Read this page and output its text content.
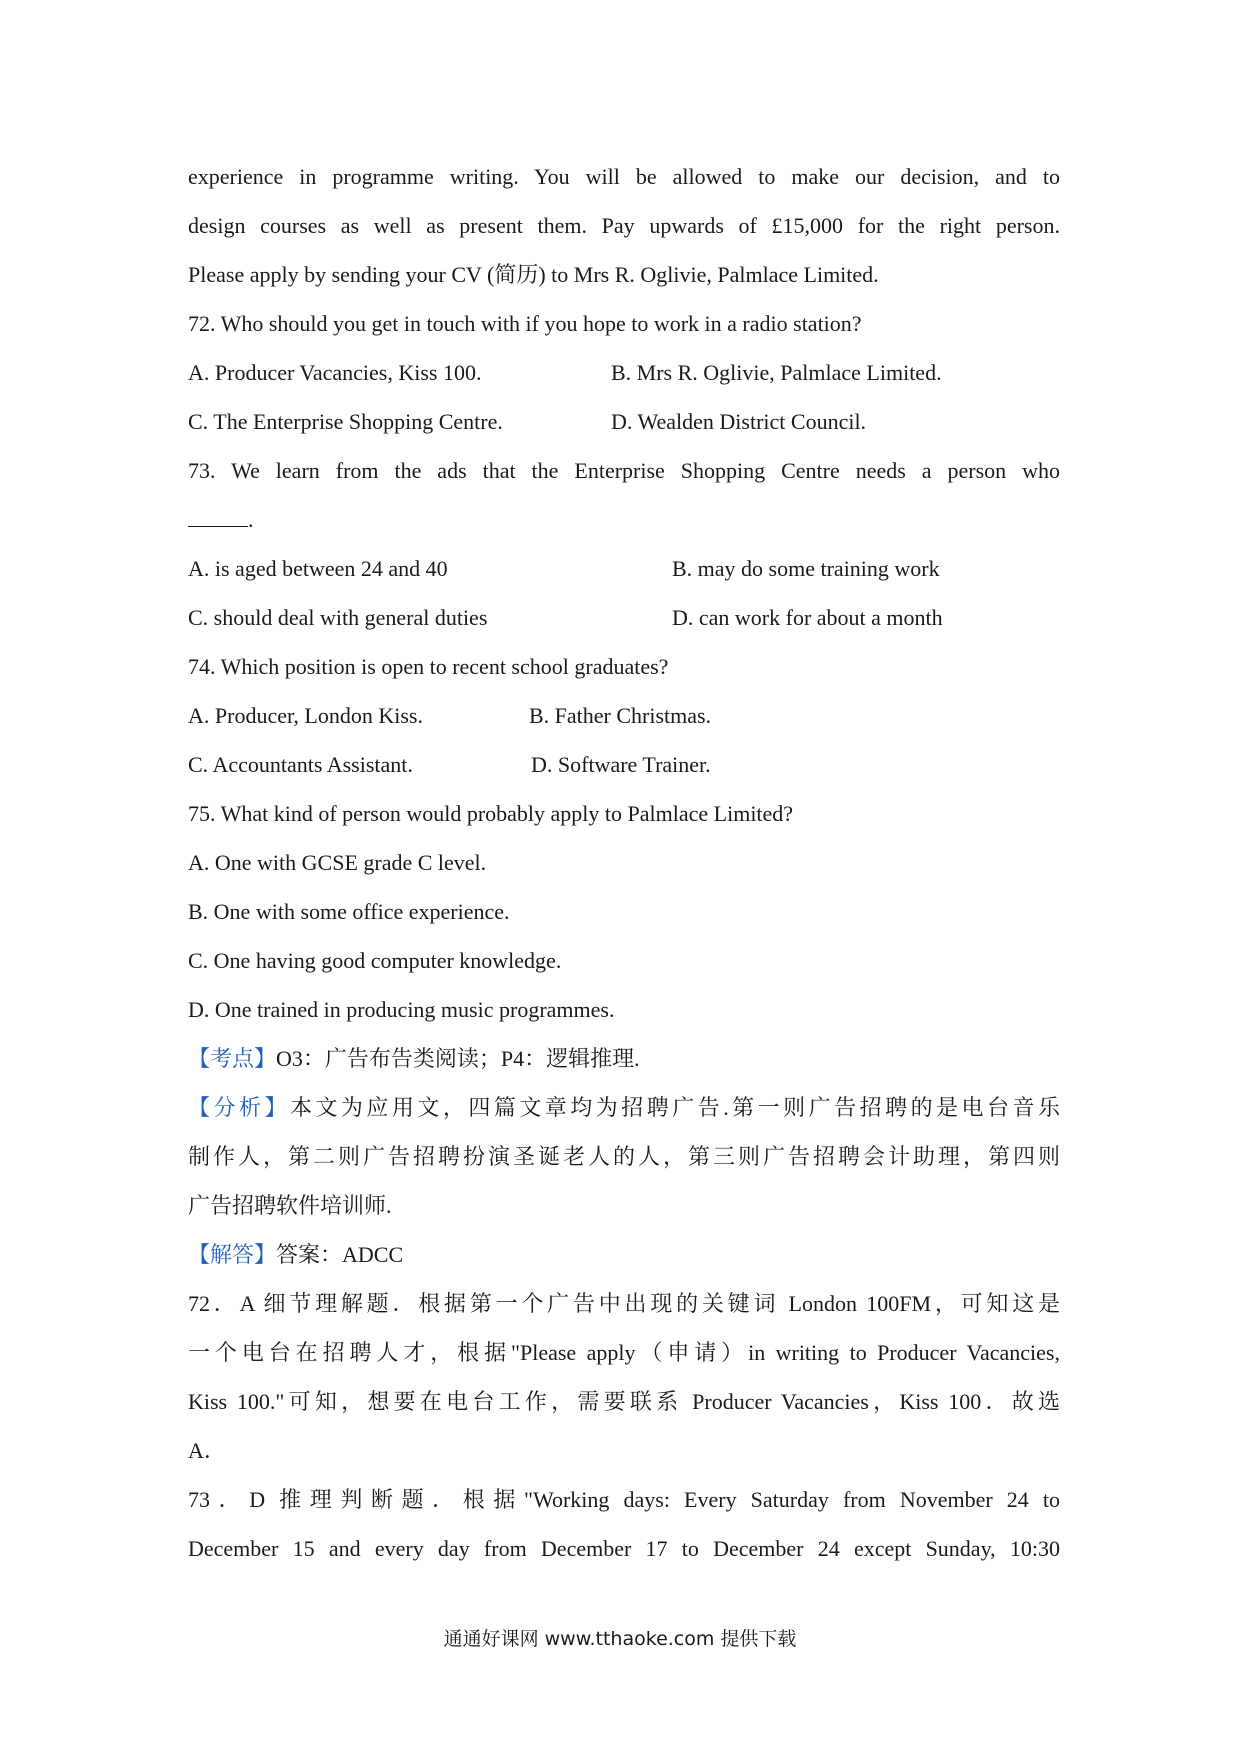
experience in programme writing. You will be allowed to make our decision, and to
design courses as well as present them. Pay upwards of £15,000 for the right person.
Please apply by sending your CV (简历) to Mrs R. Oglivie, Palmlace Limited.
72. Who should you get in touch with if you hope to work in a radio station?
A. Producer Vacancies, Kiss 100.	B. Mrs R. Oglivie, Palmlace Limited.
C. The Enterprise Shopping Centre.	D. Wealden District Council.
73. We learn from the ads that the Enterprise Shopping Centre needs a person who
.
A. is aged between 24 and 40	B. may do some training work
C. should deal with general duties	D. can work for about a month
74. Which position is open to recent school graduates?
A. Producer, London Kiss.	B. Father Christmas.
C. Accountants Assistant.	D. Software Trainer.
75. What kind of person would probably apply to Palmlace Limited?
A. One with GCSE grade C level.
B. One with some office experience.
C. One having good computer knowledge.
D. One trained in producing music programmes.
【考点】O3：广告布告类阅读；P4：逻辑推理.
【分析】本文为应用文，四篇文章均为招聘广告.第一则广告招聘的是电台音乐
制作人，第二则广告招聘扮演圣诞老人的人，第三则广告招聘会计助理，第四则
广告招聘软件培训师.
【解答】答案：ADCC
72．A 细节理解题．根据第一个广告中出现的关键词 London 100FM，可知这是
一个电台在招聘人才，根据"Please apply（申请）in writing to Producer Vacancies,
Kiss 100."可知，想要在电台工作，需要联系 Producer Vacancies，Kiss 100．故选
A．
73．D 推理判断题．根据"Working days: Every Saturday from November 24 to
December 15 and every day from December 17 to December 24 except Sunday, 10:30
通通好课网 www.tthaoke.com 提供下载
